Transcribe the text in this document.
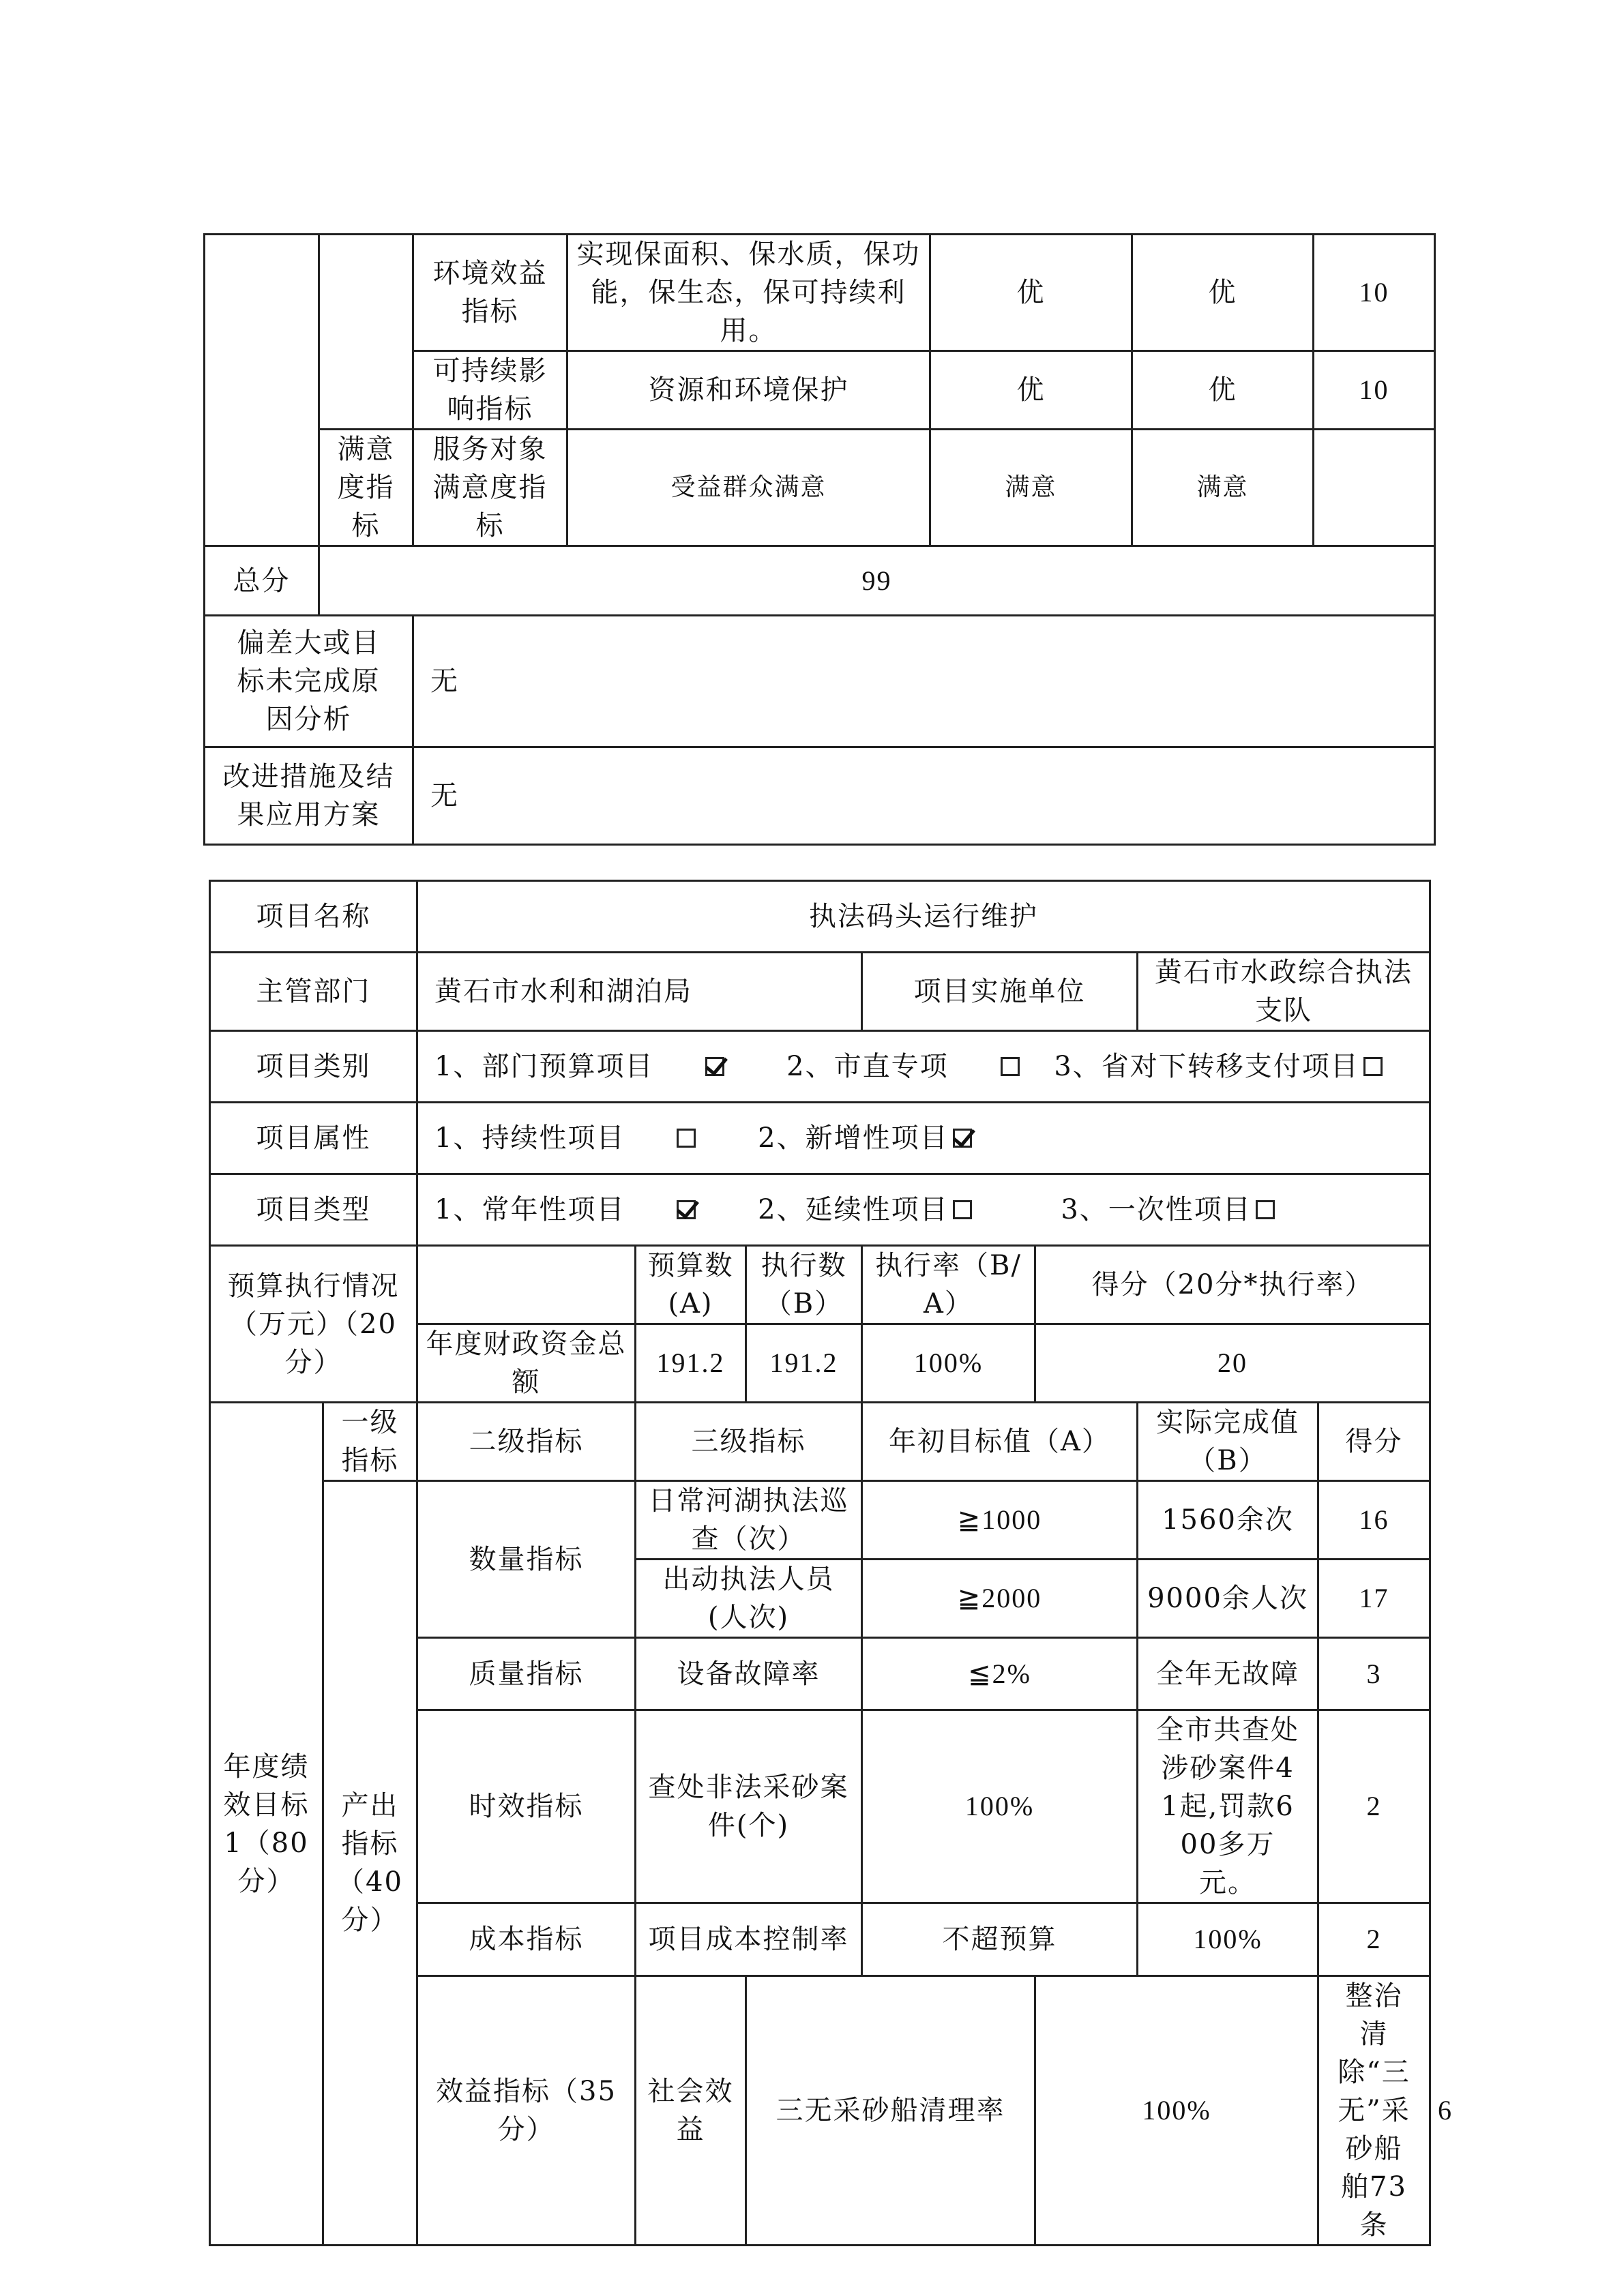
		环境效益指标	实现保面积、保水质，保功能，保生态，保可持续利用。	优	优	10
		可持续影响指标	资源和环境保护	优	优	10
	满意度指标	服务对象满意度指标	受益群众满意	满意	满意	
总分	99					
偏差大或目标未完成原因分析		无				
改进措施及结果应用方案		无				
项目名称		执法码头运行维护							
主管部门		黄石市水利和湖泊局			项目实施单位		黄石市水政综合执法支队		
项目类别		1、部门预算项目 2、市直专项 3、省对下转移支付项目							
项目属性		1、持续性项目 2、新增性项目							
项目类型		1、常年性项目 2、延续性项目 3、一次性项目							
预算执行情况（万元）（20分）			预算数(A)	执行数（B）	执行率（B/A）	得分（20分*执行率）			
		年度财政资金总额	191.2	191.2	100%	20			
年度绩效目标1（80分）	一级指标	二级指标	三级指标		年初目标值（A）		实际完成值（B）	得分	
	产出指标（40分）	数量指标	日常河湖执法巡查（次）		≧1000		1560余次	16	
			出动执法人员(人次)		≧2000		9000余人次	17	
		质量指标	设备故障率		≦2%		全年无故障	3	
		时效指标	查处非法采砂案件(个)		100%		全市共查处涉砂案件41起,罚款600多万元。	2	
		成本指标	项目成本控制率		不超预算		100%	2	
		效益指标（35分）	社会效益	三无采砂船清理率		100%		整治清除“三无”采砂船舶73条	6
